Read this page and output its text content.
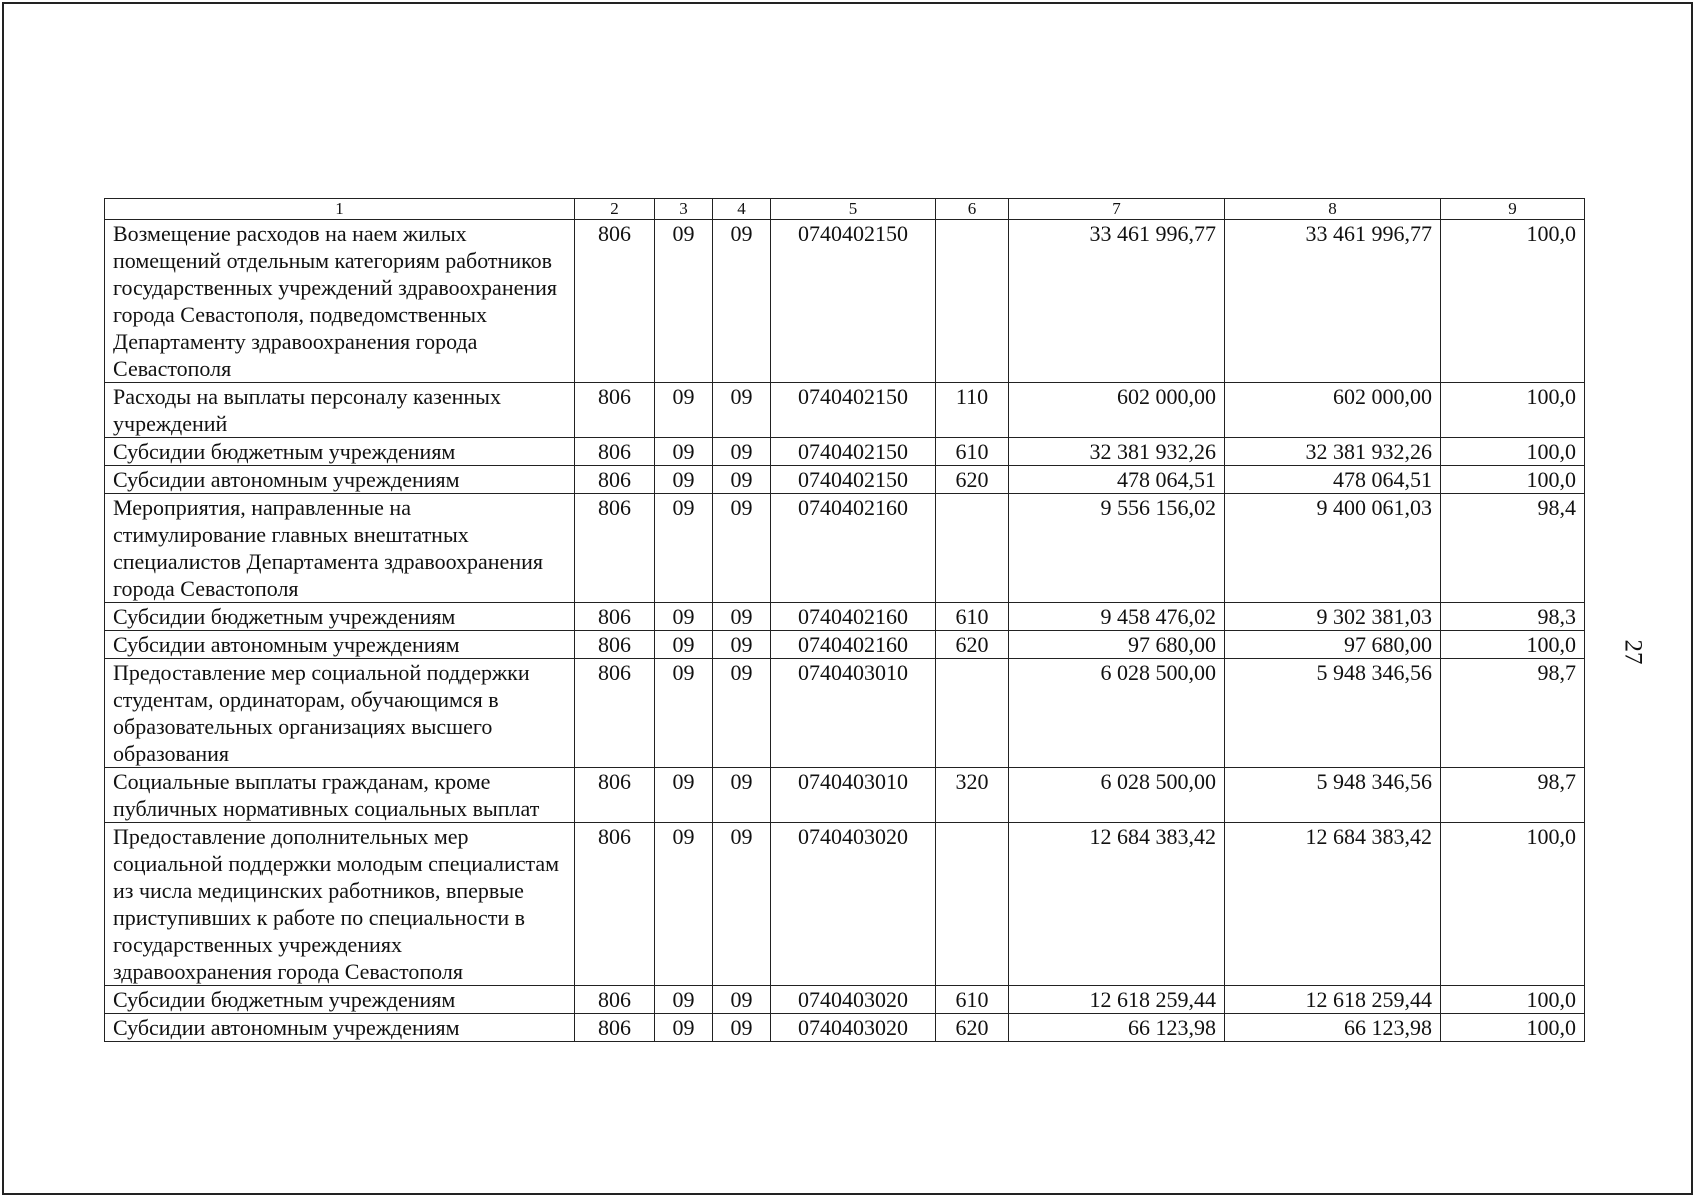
1	2	3	4	5	6	7	8	9
Возмещение расходов на наем жилых помещений отдельным категориям работников государственных учреждений здравоохранения города Севастополя, подведомственных Департаменту здравоохранения города Севастополя	806	09	09	0740402150		33 461 996,77	33 461 996,77	100,0
Расходы на выплаты персоналу казенных учреждений	806	09	09	0740402150	110	602 000,00	602 000,00	100,0
Субсидии бюджетным учреждениям	806	09	09	0740402150	610	32 381 932,26	32 381 932,26	100,0
Субсидии автономным учреждениям	806	09	09	0740402150	620	478 064,51	478 064,51	100,0
Мероприятия, направленные на стимулирование главных внештатных специалистов Департамента здравоохранения города Севастополя	806	09	09	0740402160		9 556 156,02	9 400 061,03	98,4
Субсидии бюджетным учреждениям	806	09	09	0740402160	610	9 458 476,02	9 302 381,03	98,3
Субсидии автономным учреждениям	806	09	09	0740402160	620	97 680,00	97 680,00	100,0
Предоставление мер социальной поддержки студентам, ординаторам, обучающимся в образовательных организациях высшего образования	806	09	09	0740403010		6 028 500,00	5 948 346,56	98,7
Социальные выплаты гражданам, кроме публичных нормативных социальных выплат	806	09	09	0740403010	320	6 028 500,00	5 948 346,56	98,7
Предоставление дополнительных мер социальной поддержки молодым специалистам из числа медицинских работников, впервые приступивших к работе по специальности в государственных учреждениях здравоохранения города Севастополя	806	09	09	0740403020		12 684 383,42	12 684 383,42	100,0
Субсидии бюджетным учреждениям	806	09	09	0740403020	610	12 618 259,44	12 618 259,44	100,0
Субсидии автономным учреждениям	806	09	09	0740403020	620	66 123,98	66 123,98	100,0
27
